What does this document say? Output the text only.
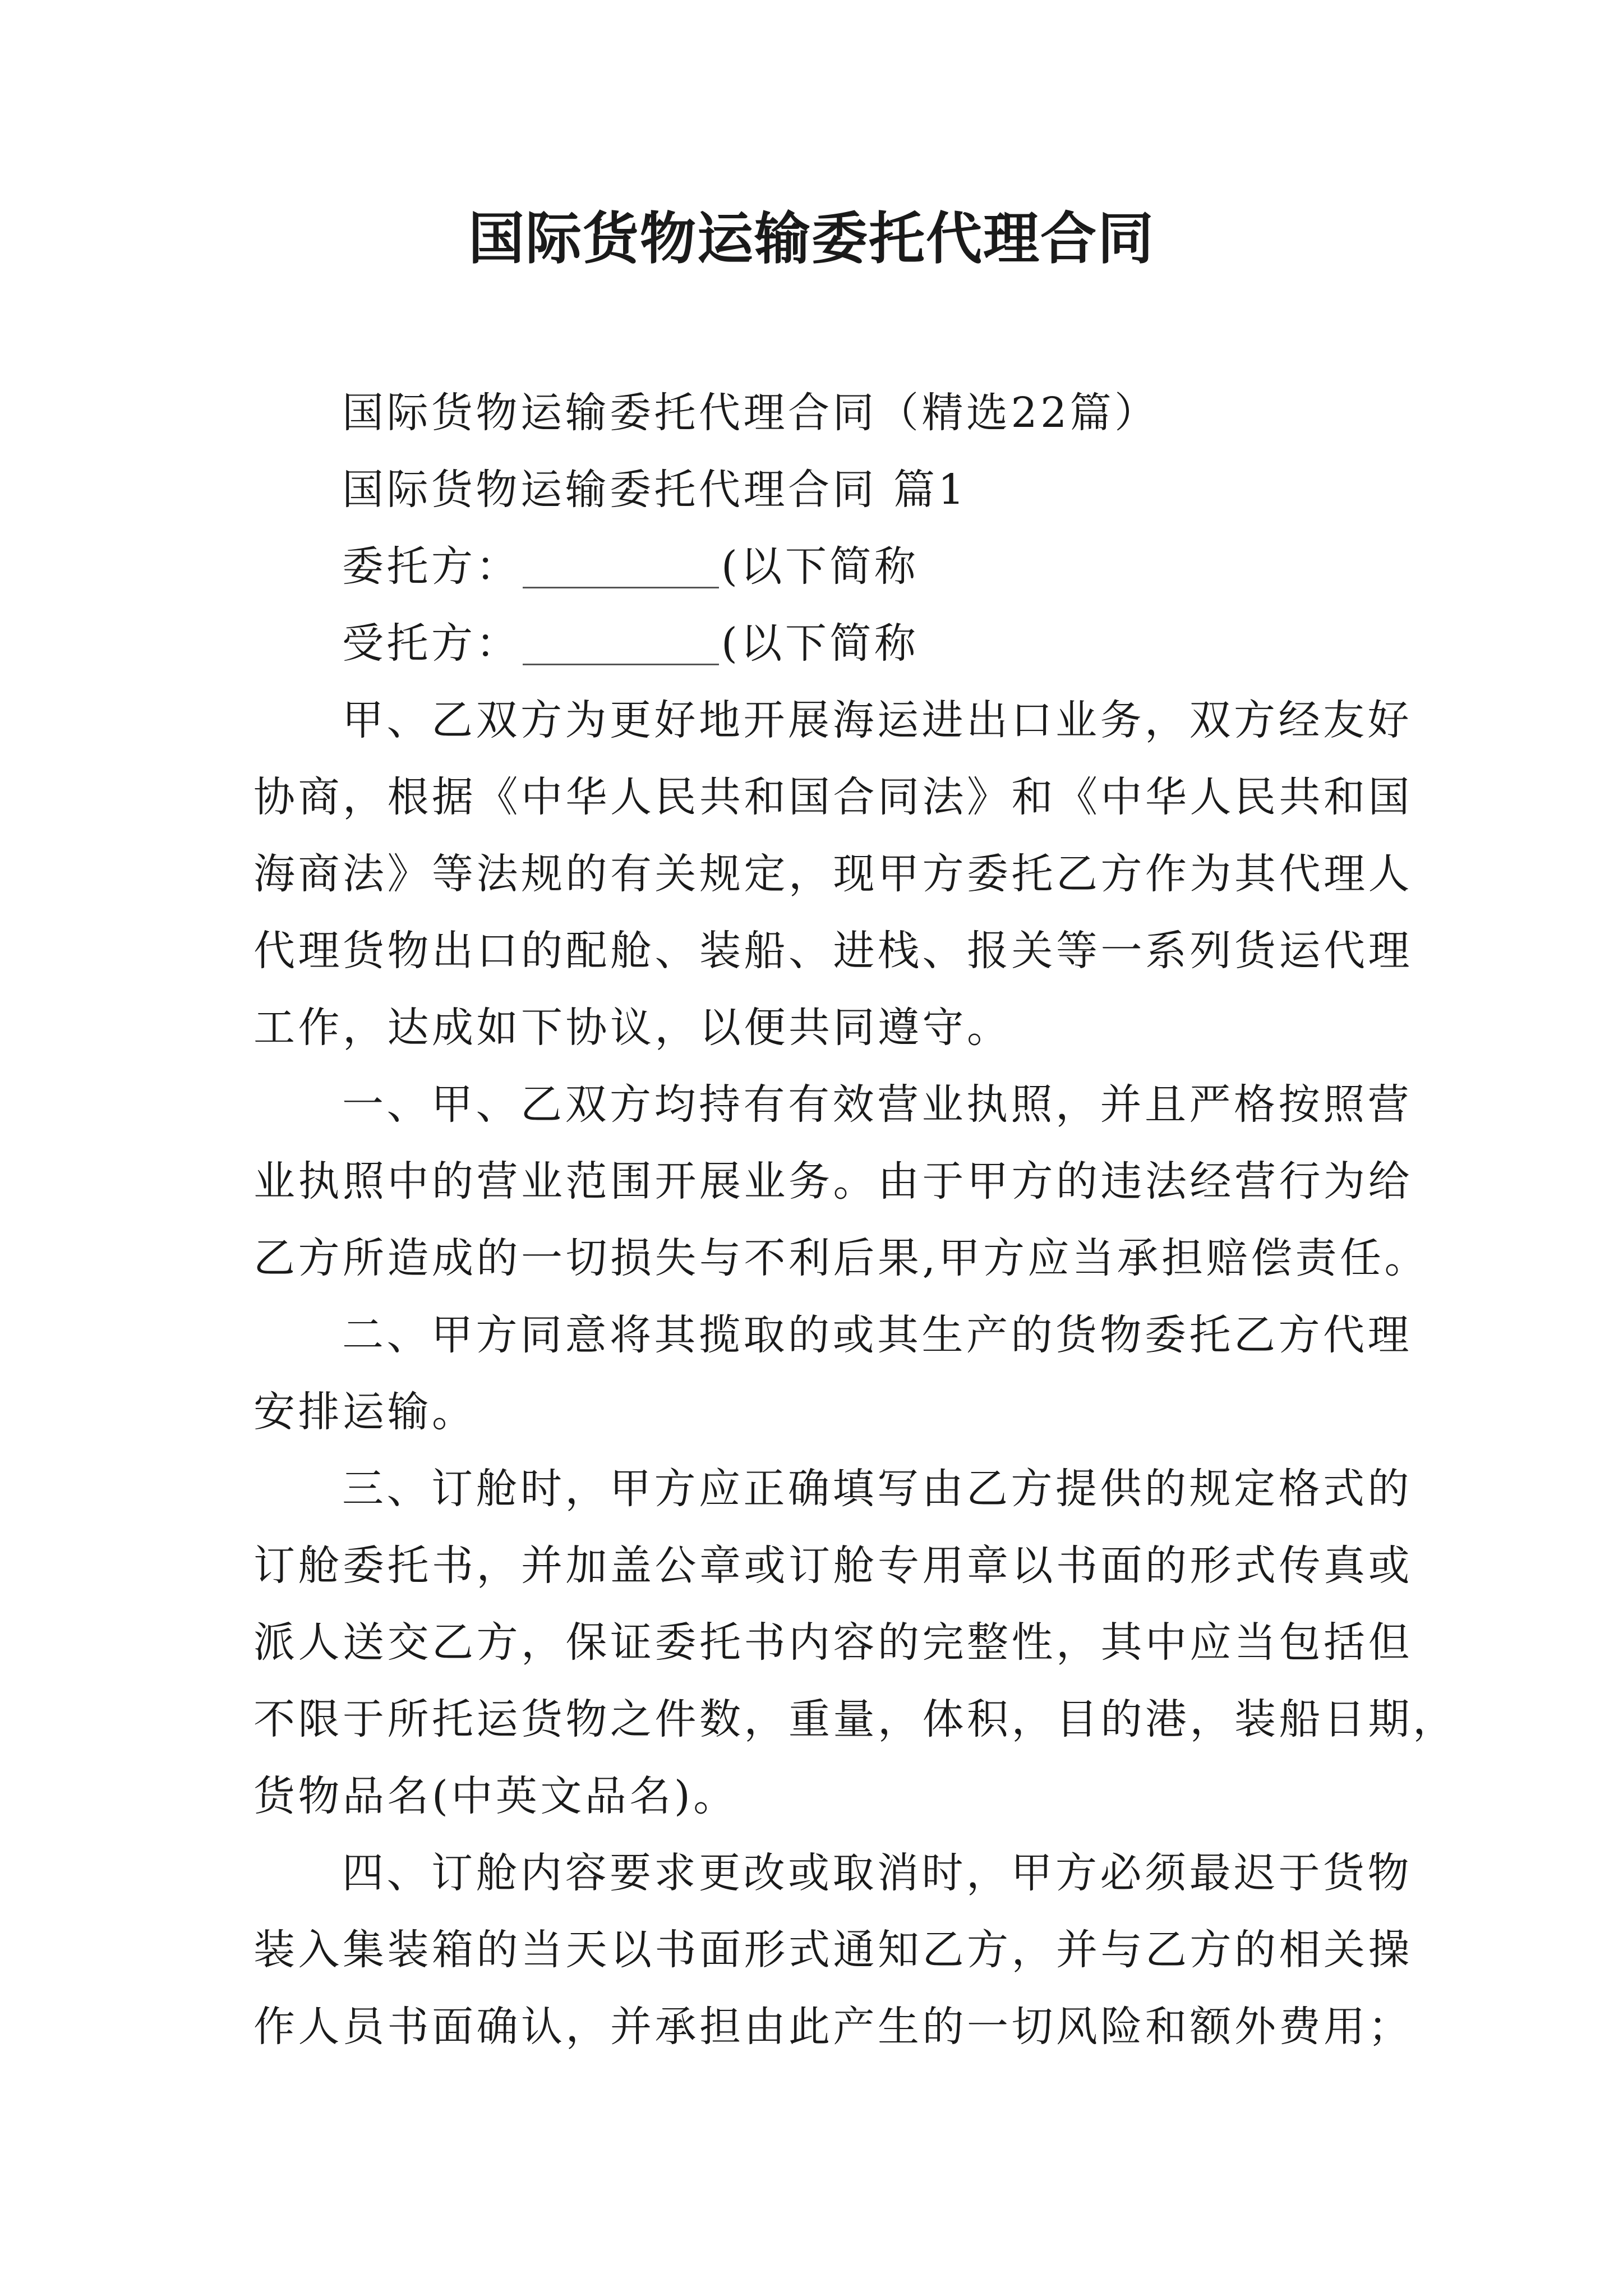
国际货物运输委托代理合同
国际货物运输委托代理合同（精选22篇）
国际货物运输委托代理合同 篇1
委托方：	(以下简称
受托方：	(以下简称
甲、乙双方为更好地开展海运进出口业务，双方经友好
协商，根据《中华人民共和国合同法》和《中华人民共和国
海商法》等法规的有关规定，现甲方委托乙方作为其代理人
代理货物出口的配舱、装船、进栈、报关等一系列货运代理
工作，达成如下协议，以便共同遵守。
一、甲、乙双方均持有有效营业执照，并且严格按照营
业执照中的营业范围开展业务。由于甲方的违法经营行为给
乙方所造成的一切损失与不利后果,甲方应当承担赔偿责任。
二、甲方同意将其揽取的或其生产的货物委托乙方代理
安排运输。
三、订舱时，甲方应正确填写由乙方提供的规定格式的
订舱委托书，并加盖公章或订舱专用章以书面的形式传真或
派人送交乙方，保证委托书内容的完整性，其中应当包括但
不限于所托运货物之件数，重量，体积，目的港，装船日期，
货物品名(中英文品名)。
四、订舱内容要求更改或取消时，甲方必须最迟于货物
装入集装箱的当天以书面形式通知乙方，并与乙方的相关操
作人员书面确认，并承担由此产生的一切风险和额外费用；
